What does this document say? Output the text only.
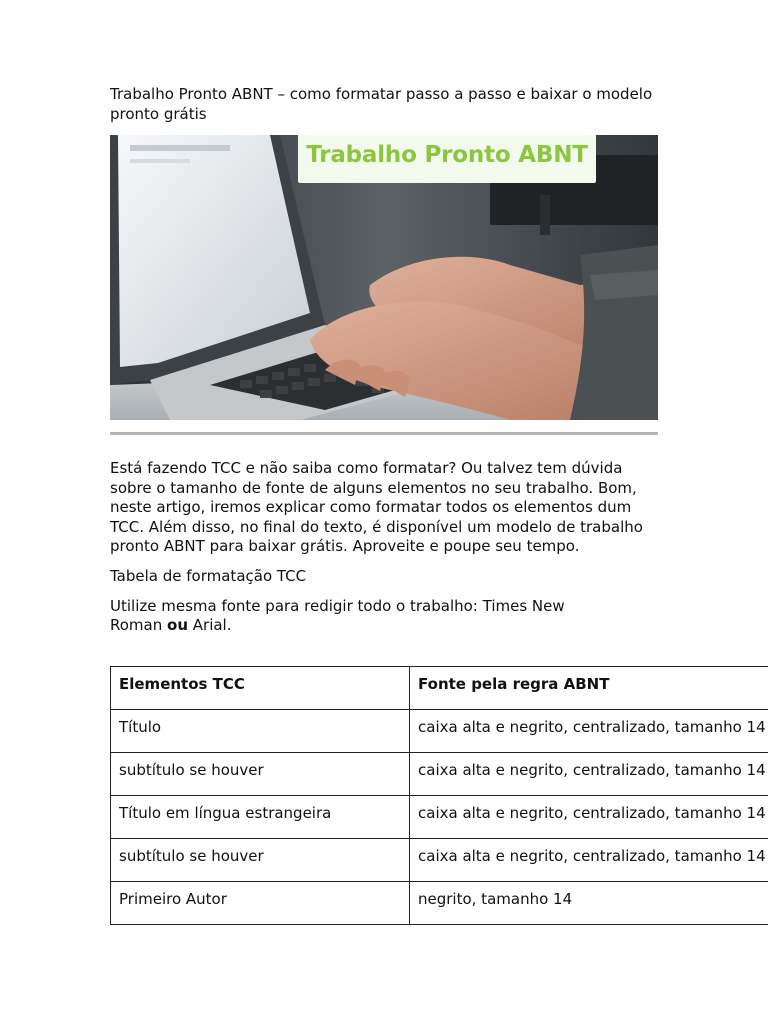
Trabalho Pronto ABNT – como formatar passo a passo e baixar o modelo pronto grátis

Trabalho Pronto ABNT

Está fazendo TCC e não saiba como formatar? Ou talvez tem dúvida sobre o tamanho de fonte de alguns elementos no seu trabalho. Bom, neste artigo, iremos explicar como formatar todos os elementos dum TCC. Além disso, no final do texto, é disponível um modelo de trabalho pronto ABNT para baixar grátis. Aproveite e poupe seu tempo.

Tabela de formatação TCC

Utilize mesma fonte para redigir todo o trabalho: Times New Roman ou Arial.

Elementos TCC	Fonte pela regra ABNT
Título	caixa alta e negrito, centralizado, tamanho 14
subtítulo se houver	caixa alta e negrito, centralizado, tamanho 14
Título em língua estrangeira	caixa alta e negrito, centralizado, tamanho 14
subtítulo se houver	caixa alta e negrito, centralizado, tamanho 14
Primeiro Autor	negrito, tamanho 14
